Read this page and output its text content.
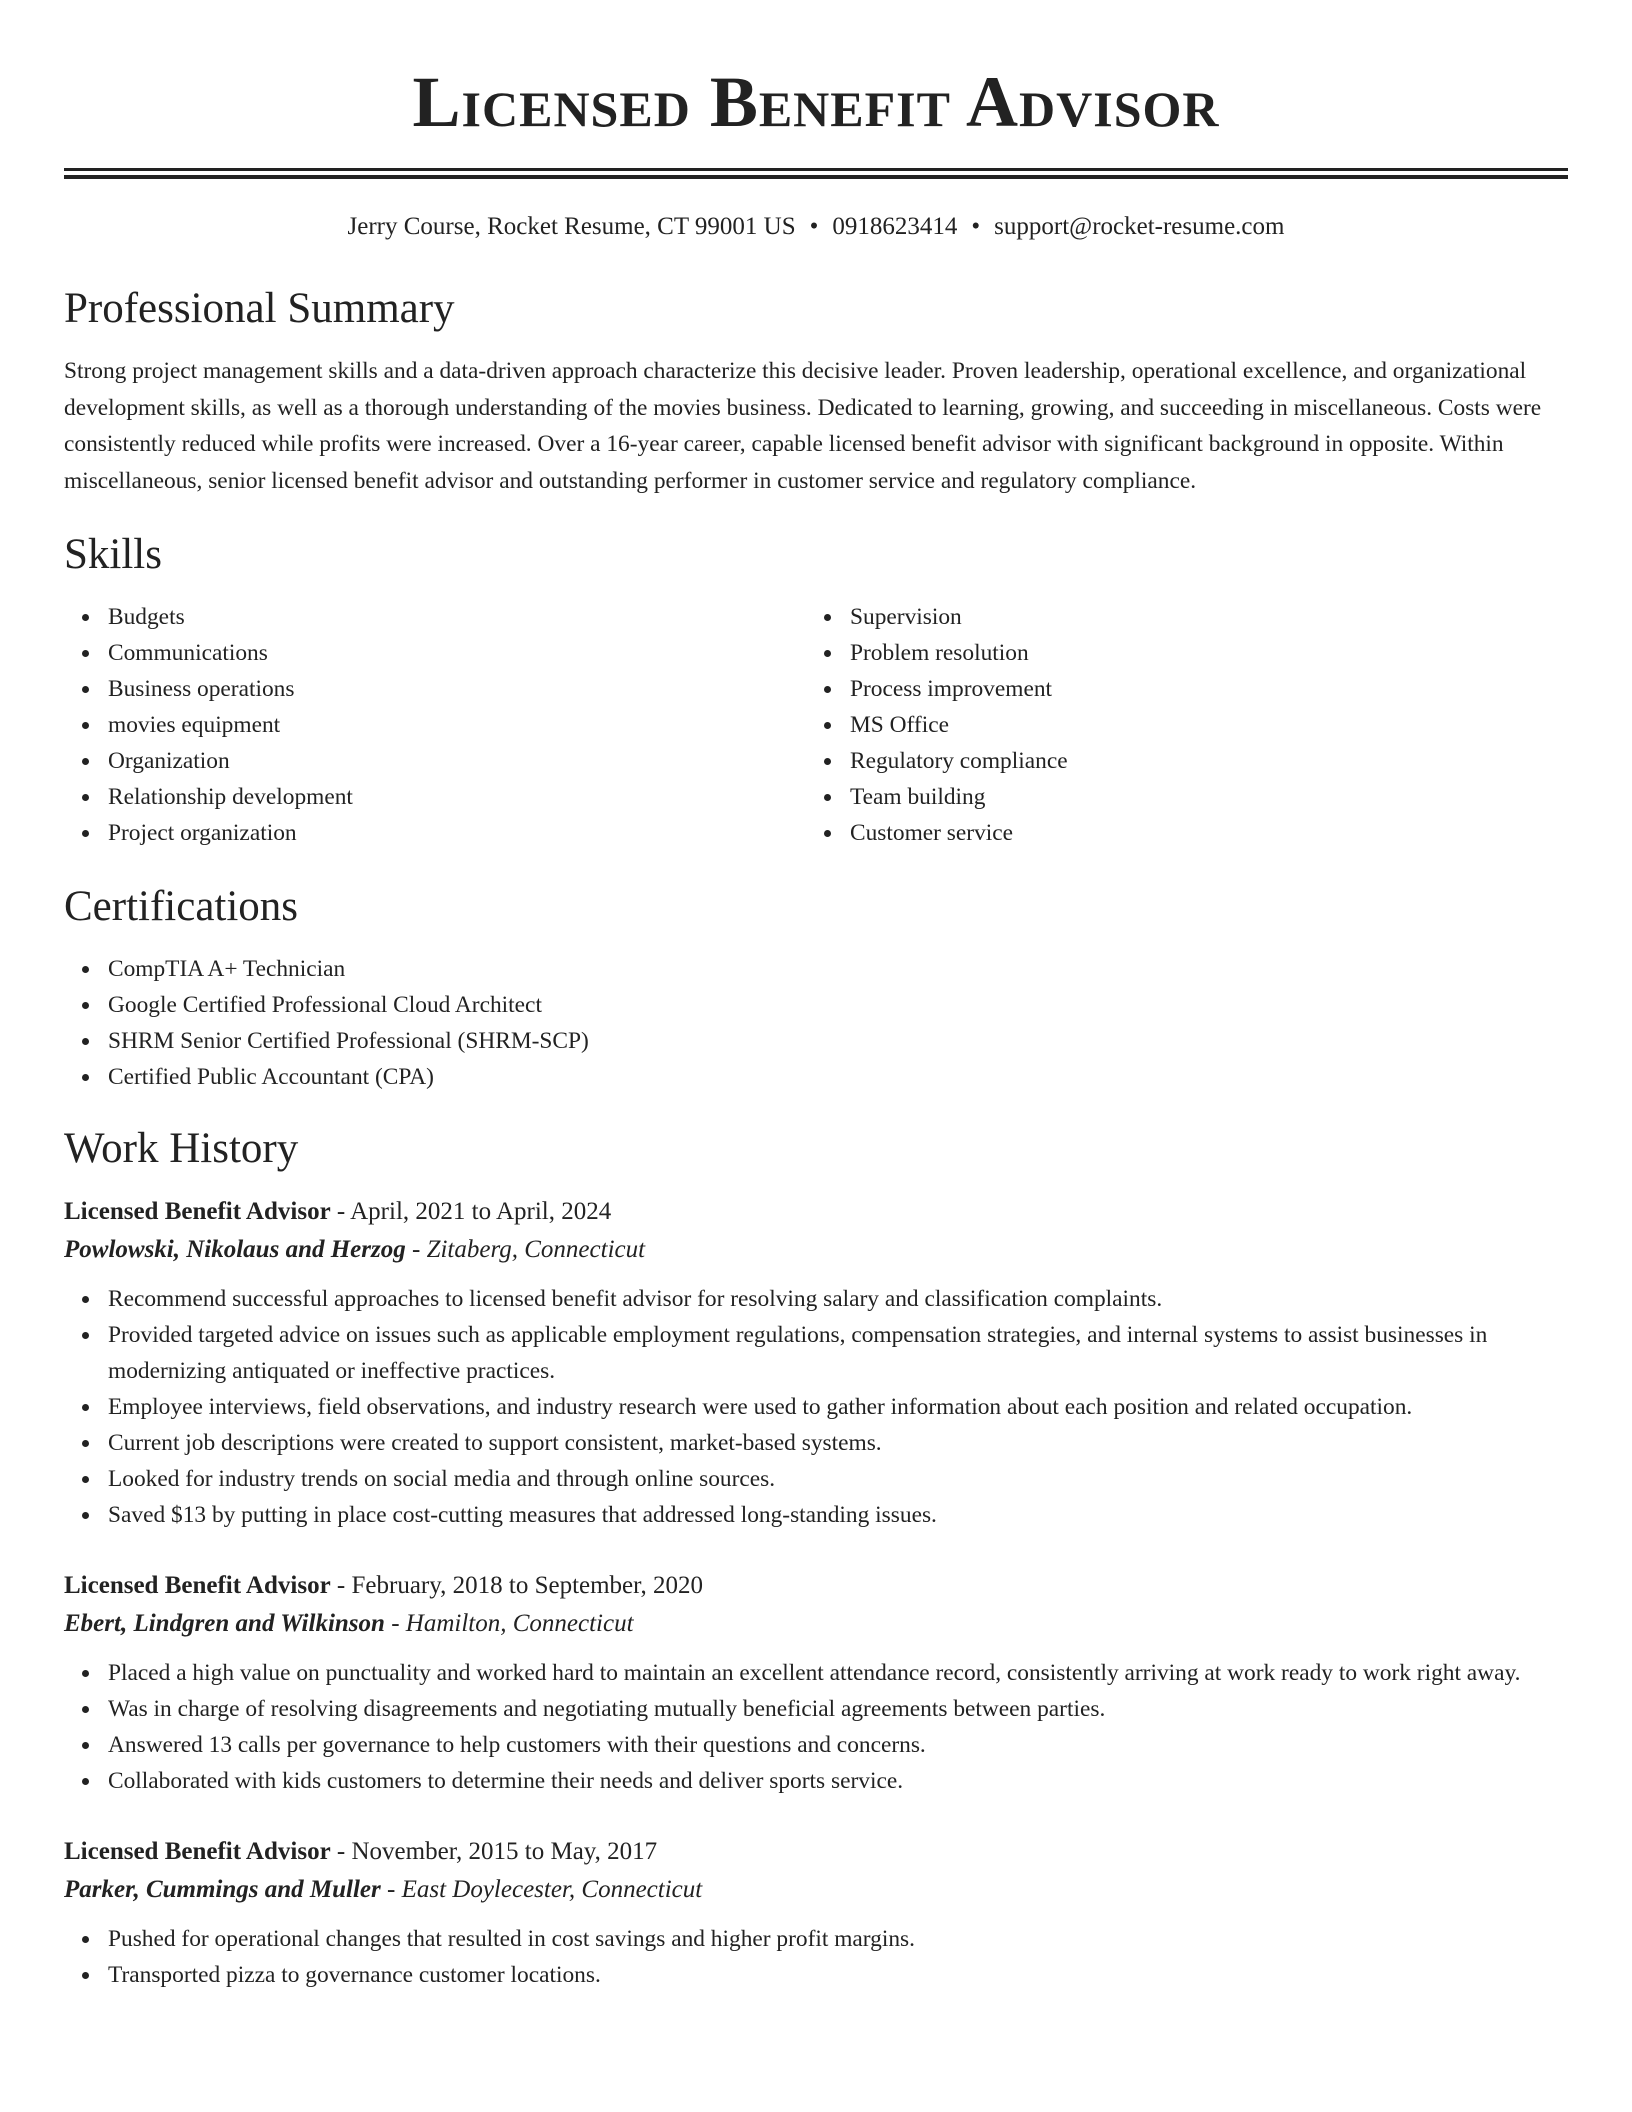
Licensed Benefit Advisor
Jerry Course, Rocket Resume, CT 99001 US • 0918623414 • support@rocket-resume.com
Professional Summary

Strong project management skills and a data-driven approach characterize this decisive leader. Proven leadership, operational excellence, and organizational development skills, as well as a thorough understanding of the movies business. Dedicated to learning, growing, and succeeding in miscellaneous. Costs were consistently reduced while profits were increased. Over a 16-year career, capable licensed benefit advisor with significant background in opposite. Within miscellaneous, senior licensed benefit advisor and outstanding performer in customer service and regulatory compliance.

Skills
Budgets
Communications
Business operations
movies equipment
Organization
Relationship development
Project organization
Supervision
Problem resolution
Process improvement
MS Office
Regulatory compliance
Team building
Customer service
Certifications
CompTIA A+ Technician
Google Certified Professional Cloud Architect
SHRM Senior Certified Professional (SHRM-SCP)
Certified Public Accountant (CPA)
Work History
Licensed Benefit Advisor - April, 2021 to April, 2024
Powlowski, Nikolaus and Herzog - Zitaberg, Connecticut
Recommend successful approaches to licensed benefit advisor for resolving salary and classification complaints.
Provided targeted advice on issues such as applicable employment regulations, compensation strategies, and internal systems to assist businesses in modernizing antiquated or ineffective practices.
Employee interviews, field observations, and industry research were used to gather information about each position and related occupation.
Current job descriptions were created to support consistent, market-based systems.
Looked for industry trends on social media and through online sources.
Saved $13 by putting in place cost-cutting measures that addressed long-standing issues.
Licensed Benefit Advisor - February, 2018 to September, 2020
Ebert, Lindgren and Wilkinson - Hamilton, Connecticut
Placed a high value on punctuality and worked hard to maintain an excellent attendance record, consistently arriving at work ready to work right away.
Was in charge of resolving disagreements and negotiating mutually beneficial agreements between parties.
Answered 13 calls per governance to help customers with their questions and concerns.
Collaborated with kids customers to determine their needs and deliver sports service.
Licensed Benefit Advisor - November, 2015 to May, 2017
Parker, Cummings and Muller - East Doylecester, Connecticut
Pushed for operational changes that resulted in cost savings and higher profit margins.
Transported pizza to governance customer locations.
